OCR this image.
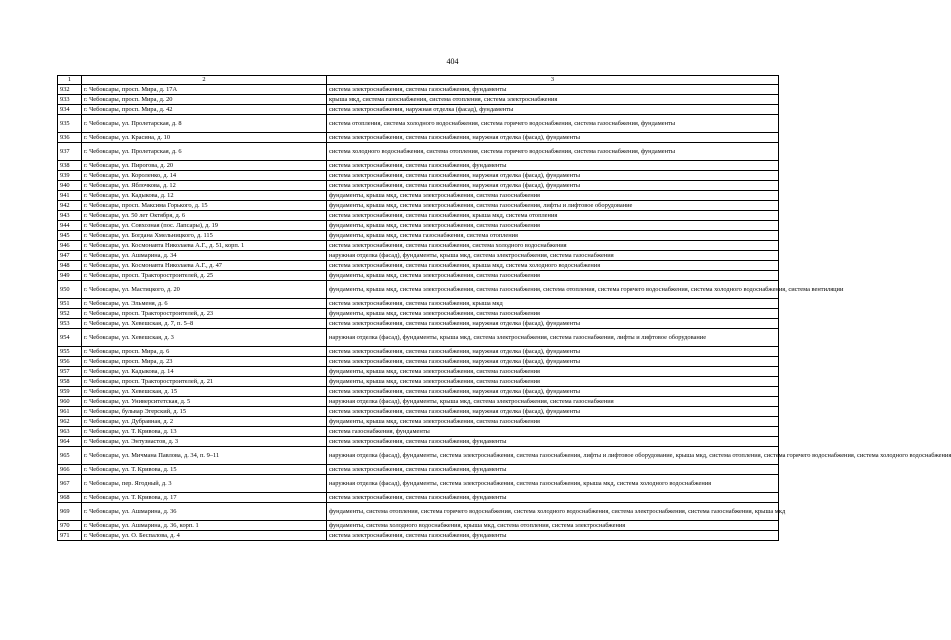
404
1	2	3
932	г. Чебоксары, просп. Мира, д. 17А	система электроснабжения, система газоснабжения, фундаменты
933	г. Чебоксары, просп. Мира, д. 20	крыша мкд, система газоснабжения, система отопления, система электроснабжения
934	г. Чебоксары, просп. Мира, д. 42	система электроснабжения, наружная отделка (фасад), фундаменты
935	г. Чебоксары, ул. Пролетарская, д. 8	система отопления, система холодного водоснабжения, система горячего водоснабжения, система газоснабжения, фундаменты
936	г. Чебоксары, ул. Красина, д. 10	система электроснабжения, система газоснабжения, наружная отделка (фасад), фундаменты
937	г. Чебоксары, ул. Пролетарская, д. 6	система холодного водоснабжения, система отопления, система горячего водоснабжения, система газоснабжения, фундаменты
938	г. Чебоксары, ул. Пирогова, д. 20	система электроснабжения, система газоснабжения, фундаменты
939	г. Чебоксары, ул. Короленко, д. 14	система электроснабжения, система газоснабжения, наружная отделка (фасад), фундаменты
940	г. Чебоксары, ул. Яблочкова, д. 12	система электроснабжения, система газоснабжения, наружная отделка (фасад), фундаменты
941	г. Чебоксары, ул. Кадыкова, д. 12	фундаменты, крыша мкд, система электроснабжения, система газоснабжения
942	г. Чебоксары, просп. Максима Горького, д. 15	фундаменты, крыша мкд, система электроснабжения, система газоснабжения, лифты и лифтовое оборудование
943	г. Чебоксары, ул. 50 лет Октября, д. 6	система электроснабжения, система газоснабжения, крыша мкд, система отопления
944	г. Чебоксары, ул. Совхозная (пос. Лапсары), д. 19	фундаменты, крыша мкд, система электроснабжения, система газоснабжения
945	г. Чебоксары, ул. Богдана Хмельницкого, д. 115	фундаменты, крыша мкд, система газоснабжения, система отопления
946	г. Чебоксары, ул. Космонавта Николаева А.Г., д. 51, корп. 1	система электроснабжения, система газоснабжения, система холодного водоснабжения
947	г. Чебоксары, ул. Ашмарина, д. 34	наружная отделка (фасад), фундаменты, крыша мкд, система электроснабжения, система газоснабжения
948	г. Чебоксары, ул. Космонавта Николаева А.Г., д. 47	система электроснабжения, система газоснабжения, крыша мкд, система холодного водоснабжения
949	г. Чебоксары, просп. Тракторостроителей, д. 25	фундаменты, крыша мкд, система электроснабжения, система газоснабжения
950	г. Чебоксары, ул. Мастицкого, д. 20	фундаменты, крыша мкд, система электроснабжения, система газоснабжения, система отопления, система горячего водоснабжения, система холодного водоснабжения, система вентиляции
951	г. Чебоксары, ул. Эльменя, д. 6	система электроснабжения, система газоснабжения, крыша мкд
952	г. Чебоксары, просп. Тракторостроителей, д. 23	фундаменты, крыша мкд, система электроснабжения, система газоснабжения
953	г. Чебоксары, ул. Хевешская, д. 7, п. 5–8	система электроснабжения, система газоснабжения, наружная отделка (фасад), фундаменты
954	г. Чебоксары, ул. Хевешская, д. 3	наружная отделка (фасад), фундаменты, крыша мкд, система электроснабжения, система газоснабжения, лифты и лифтовое оборудование
955	г. Чебоксары, просп. Мира, д. 6	система электроснабжения, система газоснабжения, наружная отделка (фасад), фундаменты
956	г. Чебоксары, просп. Мира, д. 23	система электроснабжения, система газоснабжения, наружная отделка (фасад), фундаменты
957	г. Чебоксары, ул. Кадыкова, д. 14	фундаменты, крыша мкд, система электроснабжения, система газоснабжения
958	г. Чебоксары, просп. Тракторостроителей, д. 21	фундаменты, крыша мкд, система электроснабжения, система газоснабжения
959	г. Чебоксары, ул. Хевешская, д. 15	система электроснабжения, система газоснабжения, наружная отделка (фасад), фундаменты
960	г. Чебоксары, ул. Университетская, д. 5	наружная отделка (фасад), фундаменты, крыша мкд, система электроснабжения, система газоснабжения
961	г. Чебоксары, бульвар Эгерский, д. 15	система электроснабжения, система газоснабжения, наружная отделка (фасад), фундаменты
962	г. Чебоксары, ул. Дубравная, д. 2	фундаменты, крыша мкд, система электроснабжения, система газоснабжения
963	г. Чебоксары, ул. Т. Кривова, д. 13	система газоснабжения, фундаменты
964	г. Чебоксары, ул. Энтузиастов, д. 3	система электроснабжения, система газоснабжения, фундаменты
965	г. Чебоксары, ул. Мичмана Павлова, д. 34, п. 9–11	наружная отделка (фасад), фундаменты, система электроснабжения, система газоснабжения, лифты и лифтовое оборудование, крыша мкд, система отопления, система горячего водоснабжения, система холодного водоснабжения
966	г. Чебоксары, ул. Т. Кривова, д. 15	система электроснабжения, система газоснабжения, фундаменты
967	г. Чебоксары, пер. Ягодный, д. 3	наружная отделка (фасад), фундаменты, система электроснабжения, система газоснабжения, крыша мкд, система холодного водоснабжения
968	г. Чебоксары, ул. Т. Кривова, д. 17	система электроснабжения, система газоснабжения, фундаменты
969	г. Чебоксары, ул. Ашмарина, д. 36	фундаменты, система отопления, система горячего водоснабжения, система холодного водоснабжения, система электроснабжения, система газоснабжения, крыша мкд
970	г. Чебоксары, ул. Ашмарина, д. 36, корп. 1	фундаменты, система холодного водоснабжения, крыша мкд, система отопления, система электроснабжения
971	г. Чебоксары, ул. О. Беспалова, д. 4	система электроснабжения, система газоснабжения, фундаменты
